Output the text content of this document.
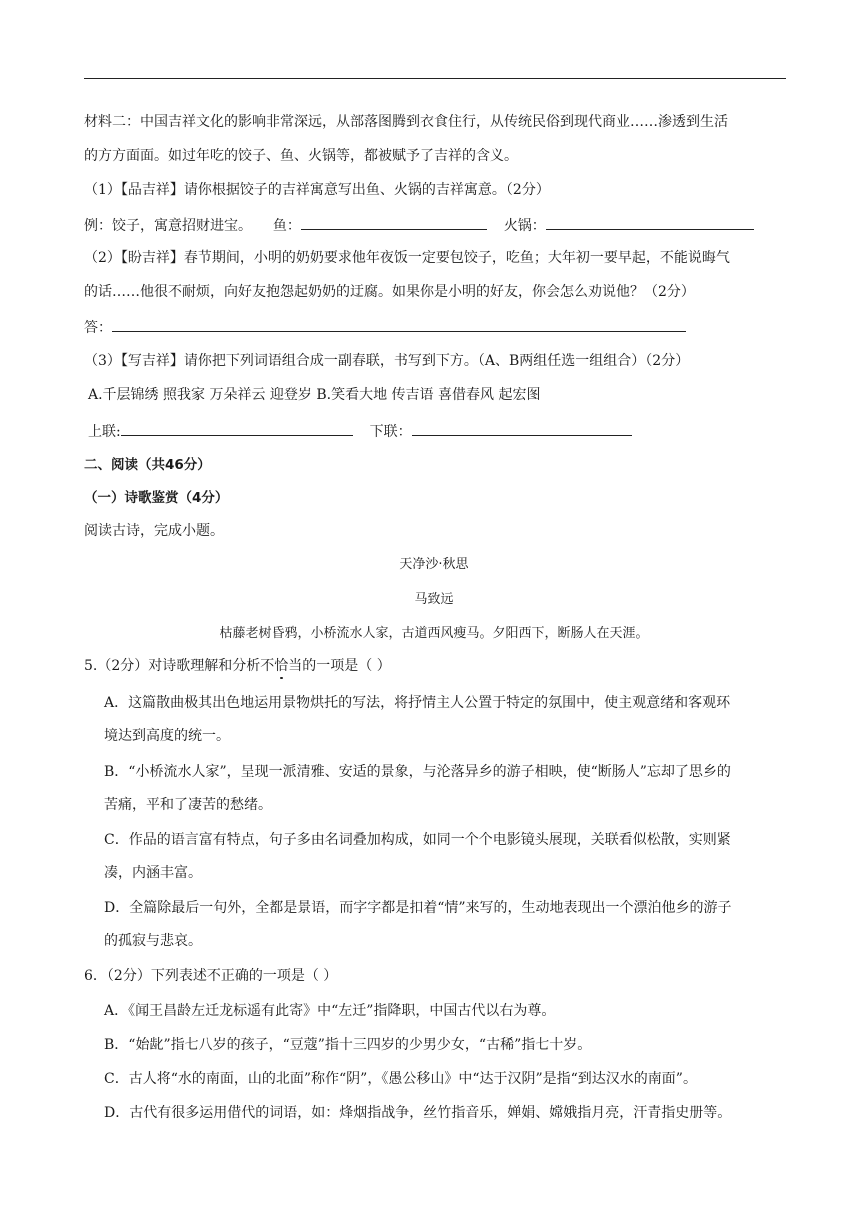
材料二：中国吉祥文化的影响非常深远，从部落图腾到衣食住行，从传统民俗到现代商业……渗透到生活
的方方面面。如过年吃的饺子、鱼、火锅等，都被赋予了吉祥的含义。
（1）【品吉祥】请你根据饺子的吉祥寓意写出鱼、火锅的吉祥寓意。（2分）
例：饺子，寓意招财进宝。 鱼：	火锅：
（2）【盼吉祥】春节期间，小明的奶奶要求他年夜饭一定要包饺子，吃鱼；大年初一要早起，不能说晦气
的话……他很不耐烦，向好友抱怨起奶奶的迂腐。如果你是小明的好友，你会怎么劝说他？（2分）
答：
（3）【写吉祥】请你把下列词语组合成一副春联，书写到下方。（A、B两组任选一组组合）（2分）
A.千层锦绣 照我家 万朵祥云 迎登岁 B.笑看大地 传吉语 喜借春风 起宏图
上联:	下联：
二、阅读（共46分）
（一）诗歌鉴赏（4分）
阅读古诗，完成小题。
天净沙·秋思
马致远
枯藤老树昏鸦，小桥流水人家，古道西风瘦马。夕阳西下，断肠人在天涯。
5.（2分）对诗歌理解和分析不恰当的一项是（ ）
A．这篇散曲极其出色地运用景物烘托的写法，将抒情主人公置于特定的氛围中，使主观意绪和客观环
境达到高度的统一。
B．“小桥流水人家”，呈现一派清雅、安适的景象，与沦落异乡的游子相映，使“断肠人”忘却了思乡的
苦痛，平和了凄苦的愁绪。
C．作品的语言富有特点，句子多由名词叠加构成，如同一个个电影镜头展现，关联看似松散，实则紧
凑，内涵丰富。
D．全篇除最后一句外，全都是景语，而字字都是扣着“情”来写的，生动地表现出一个漂泊他乡的游子
的孤寂与悲哀。
6．（2分）下列表述不正确的一项是（ ）
A．《闻王昌龄左迁龙标遥有此寄》中“左迁”指降职，中国古代以右为尊。
B．“始龀”指七八岁的孩子，“豆蔻”指十三四岁的少男少女，“古稀”指七十岁。
C．古人将“水的南面，山的北面”称作“阴”，《愚公移山》中“达于汉阴”是指“到达汉水的南面”。
D．古代有很多运用借代的词语，如：烽烟指战争，丝竹指音乐，婵娟、嫦娥指月亮，汗青指史册等。
